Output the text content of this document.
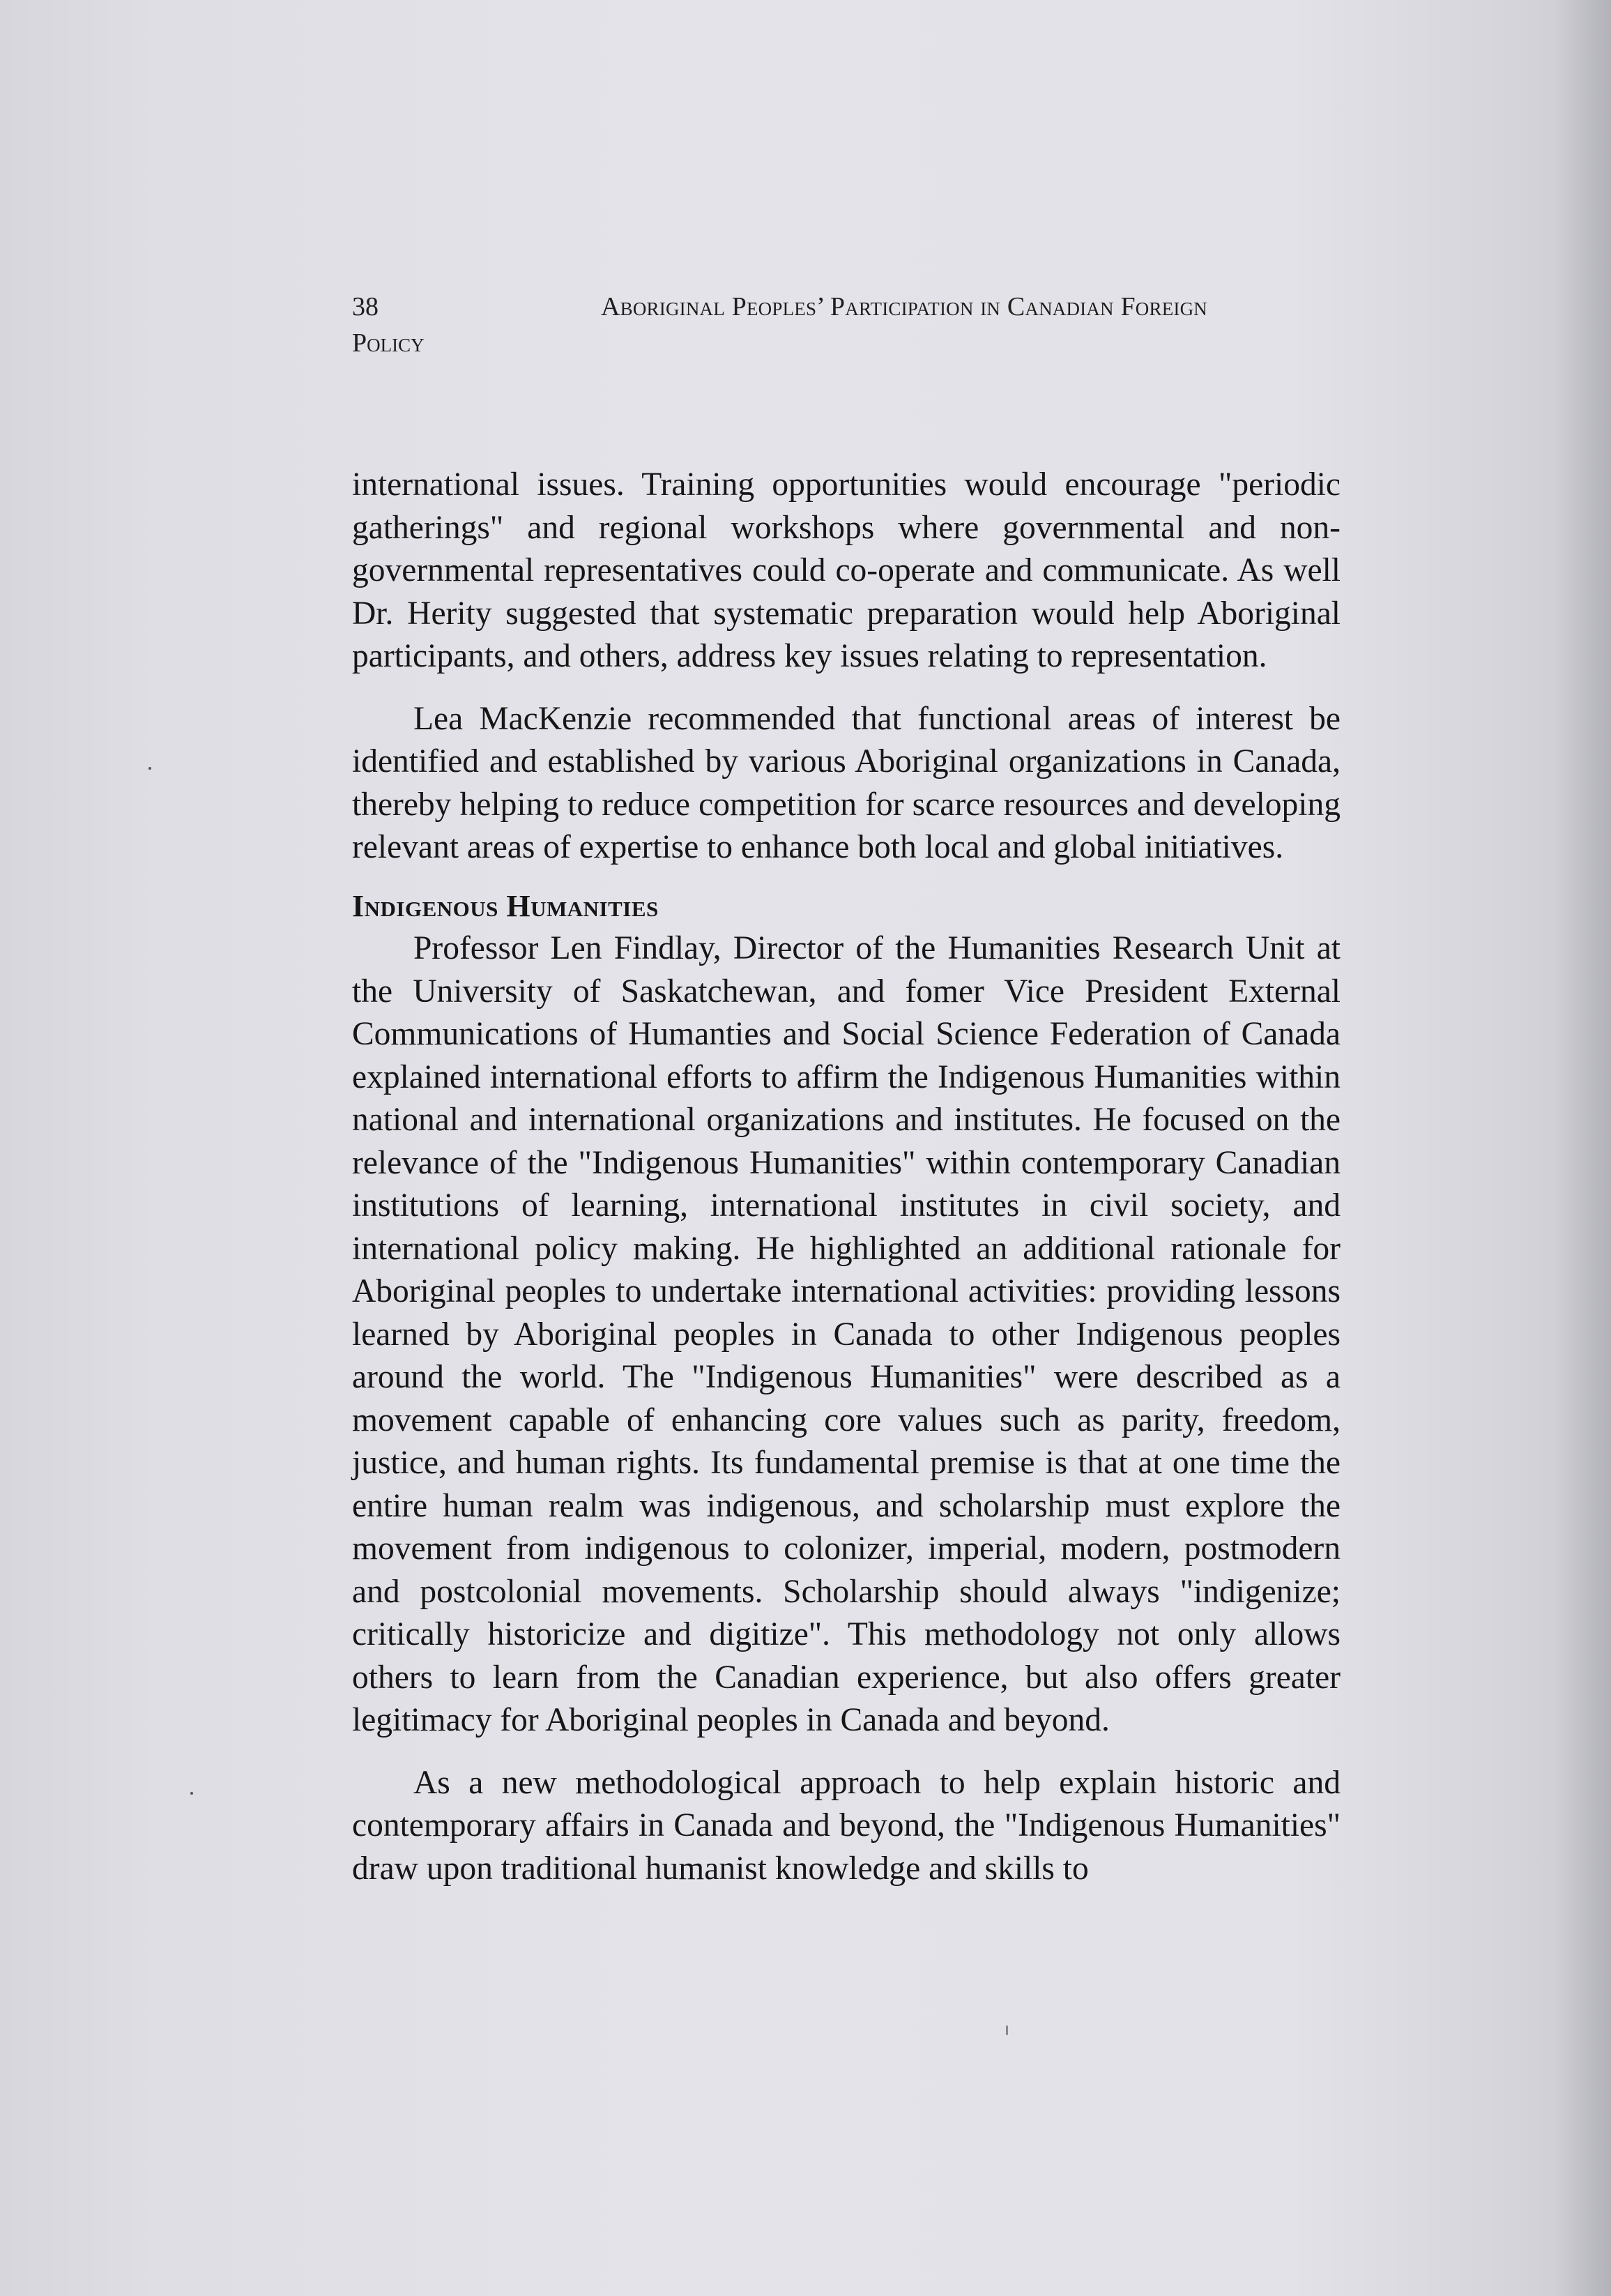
38	Aboriginal Peoples’ Participation in Canadian Foreign
Policy

international issues. Training opportunities would encourage "periodic gatherings" and regional workshops where governmental and non-governmental representatives could co-operate and communicate. As well Dr. Herity suggested that systematic preparation would help Aboriginal participants, and others, address key issues relating to representation.

Lea MacKenzie recommended that functional areas of interest be identified and established by various Aboriginal organizations in Canada, thereby helping to reduce competition for scarce resources and developing relevant areas of expertise to enhance both local and global initiatives.

Indigenous Humanities

Professor Len Findlay, Director of the Humanities Research Unit at the University of Saskatchewan, and fomer Vice President External Communications of Humanties and Social Science Federation of Canada explained international efforts to affirm the Indigenous Humanities within national and international organizations and institutes. He focused on the relevance of the "Indigenous Humanities" within contemporary Canadian institutions of learning, international institutes in civil society, and international policy making. He highlighted an additional rationale for Aboriginal peoples to undertake international activities: providing lessons learned by Aboriginal peoples in Canada to other Indigenous peoples around the world. The "Indigenous Humanities" were described as a movement capable of enhancing core values such as parity, freedom, justice, and human rights. Its fundamental premise is that at one time the entire human realm was indigenous, and scholarship must explore the movement from indigenous to colonizer, imperial, modern, postmodern and postcolonial movements. Scholarship should always "indigenize; critically historicize and digitize". This methodology not only allows others to learn from the Canadian experience, but also offers greater legitimacy for Aboriginal peoples in Canada and beyond.

As a new methodological approach to help explain historic and contemporary affairs in Canada and beyond, the "Indigenous Humanities" draw upon traditional humanist knowledge and skills to
